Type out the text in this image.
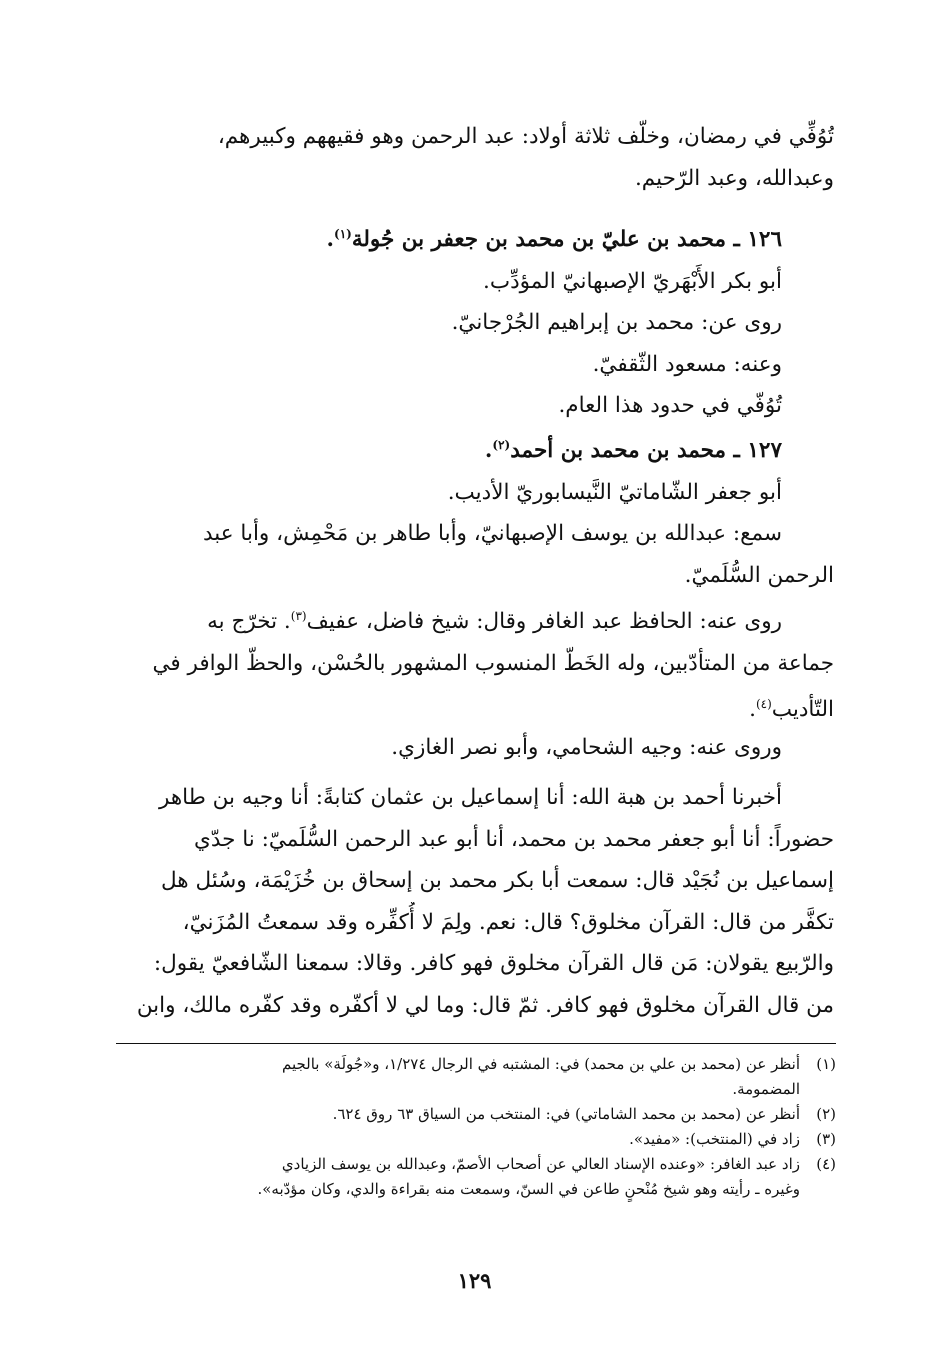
تُوُفِّي في رمضان، وخلّف ثلاثة أولاد: عبد الرحمن وهو فقيههم وكبيرهم،
وعبدالله، وعبد الرّحيم.
١٢٦ ـ محمد بن عليّ بن محمد بن جعفر بن جُولة$^{(١)}$.
أبو بكر الأَبْهَريّ الإصبهانيّ المؤدِّب.
روى عن: محمد بن إبراهيم الجُرْجانيّ.
وعنه: مسعود الثّقفيّ.
تُوُفّي في حدود هذا العام.
١٢٧ ـ محمد بن محمد بن أحمد$^{(٢)}$.
أبو جعفر الشّاماتيّ النَّيسابوريّ الأديب.
سمع: عبدالله بن يوسف الإصبهانيّ، وأبا طاهر بن مَحْمِش، وأبا عبد
الرحمن السُّلَميّ.
روى عنه: الحافظ عبد الغافر وقال: شيخ فاضل، عفيف$^{(٣)}$. تخرّج به
جماعة من المتأدّبين، وله الخَطّ المنسوب المشهور بالحُسْن، والحظّ الوافر في
التّأديب$^{(٤)}$.
وروى عنه: وجيه الشحامي، وأبو نصر الغازي.
أخبرنا أحمد بن هبة الله: أنا إسماعيل بن عثمان كتابةً: أنا وجيه بن طاهر
حضوراً: أنا أبو جعفر محمد بن محمد، أنا أبو عبد الرحمن السُّلَميّ: نا جدّي
إسماعيل بن نُجَيْد قال: سمعت أبا بكر محمد بن إسحاق بن خُزَيْمَة، وسُئل هل
تكفَّر من قال: القرآن مخلوق؟ قال: نعم. ولِمَ لا أُكفِّره وقد سمعتُ المُزَنيّ،
والرّبيع يقولان: مَن قال القرآن مخلوق فهو كافر. وقالا: سمعنا الشّافعيّ يقول:
من قال القرآن مخلوق فهو كافر. ثمّ قال: وما لي لا أكفّره وقد كفّره مالك، وابن
(١)
أنظر عن (محمد بن علي بن محمد) في: المشتبه في الرجال ١/٢٧٤، و«جُولَة» بالجيم
المضمومة.
(٢)
أنظر عن (محمد بن محمد الشاماتي) في: المنتخب من السياق ٦٣ روق ٦٢٤.
(٣)
زاد في (المنتخب): «مفيد».
(٤)
زاد عبد الغافر: «وعنده الإسناد العالي عن أصحاب الأصمّ، وعبدالله بن يوسف الزيادي
وغيره ـ رأيته وهو شيخ مُنْحنٍ طاعن في السنّ، وسمعت منه بقراءة والدي، وكان مؤدّبه».
١٢٩
